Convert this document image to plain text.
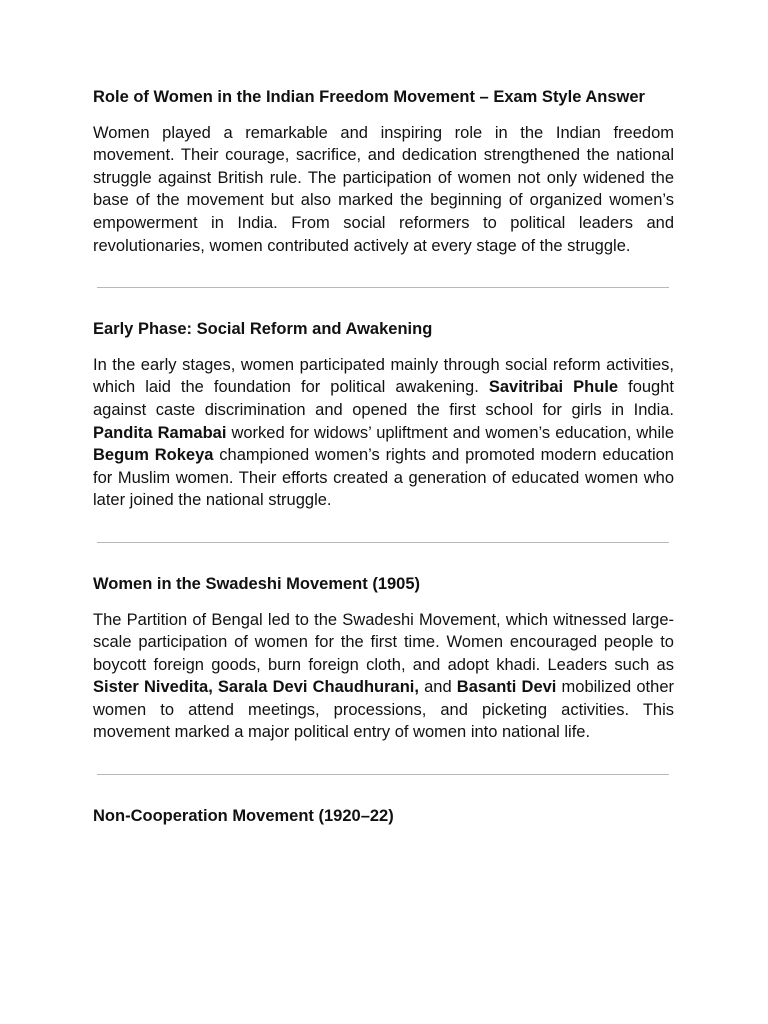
Role of Women in the Indian Freedom Movement – Exam Style Answer

Women played a remarkable and inspiring role in the Indian freedom movement. Their courage, sacrifice, and dedication strengthened the national struggle against British rule. The participation of women not only widened the base of the movement but also marked the beginning of organized women’s empowerment in India. From social reformers to political leaders and revolutionaries, women contributed actively at every stage of the struggle.

Early Phase: Social Reform and Awakening

In the early stages, women participated mainly through social reform activities, which laid the foundation for political awakening. Savitribai Phule fought against caste discrimination and opened the first school for girls in India. Pandita Ramabai worked for widows’ upliftment and women’s education, while Begum Rokeya championed women’s rights and promoted modern education for Muslim women. Their efforts created a generation of educated women who later joined the national struggle.

Women in the Swadeshi Movement (1905)

The Partition of Bengal led to the Swadeshi Movement, which witnessed large-scale participation of women for the first time. Women encouraged people to boycott foreign goods, burn foreign cloth, and adopt khadi. Leaders such as Sister Nivedita, Sarala Devi Chaudhurani, and Basanti Devi mobilized other women to attend meetings, processions, and picketing activities. This movement marked a major political entry of women into national life.

Non-Cooperation Movement (1920–22)
